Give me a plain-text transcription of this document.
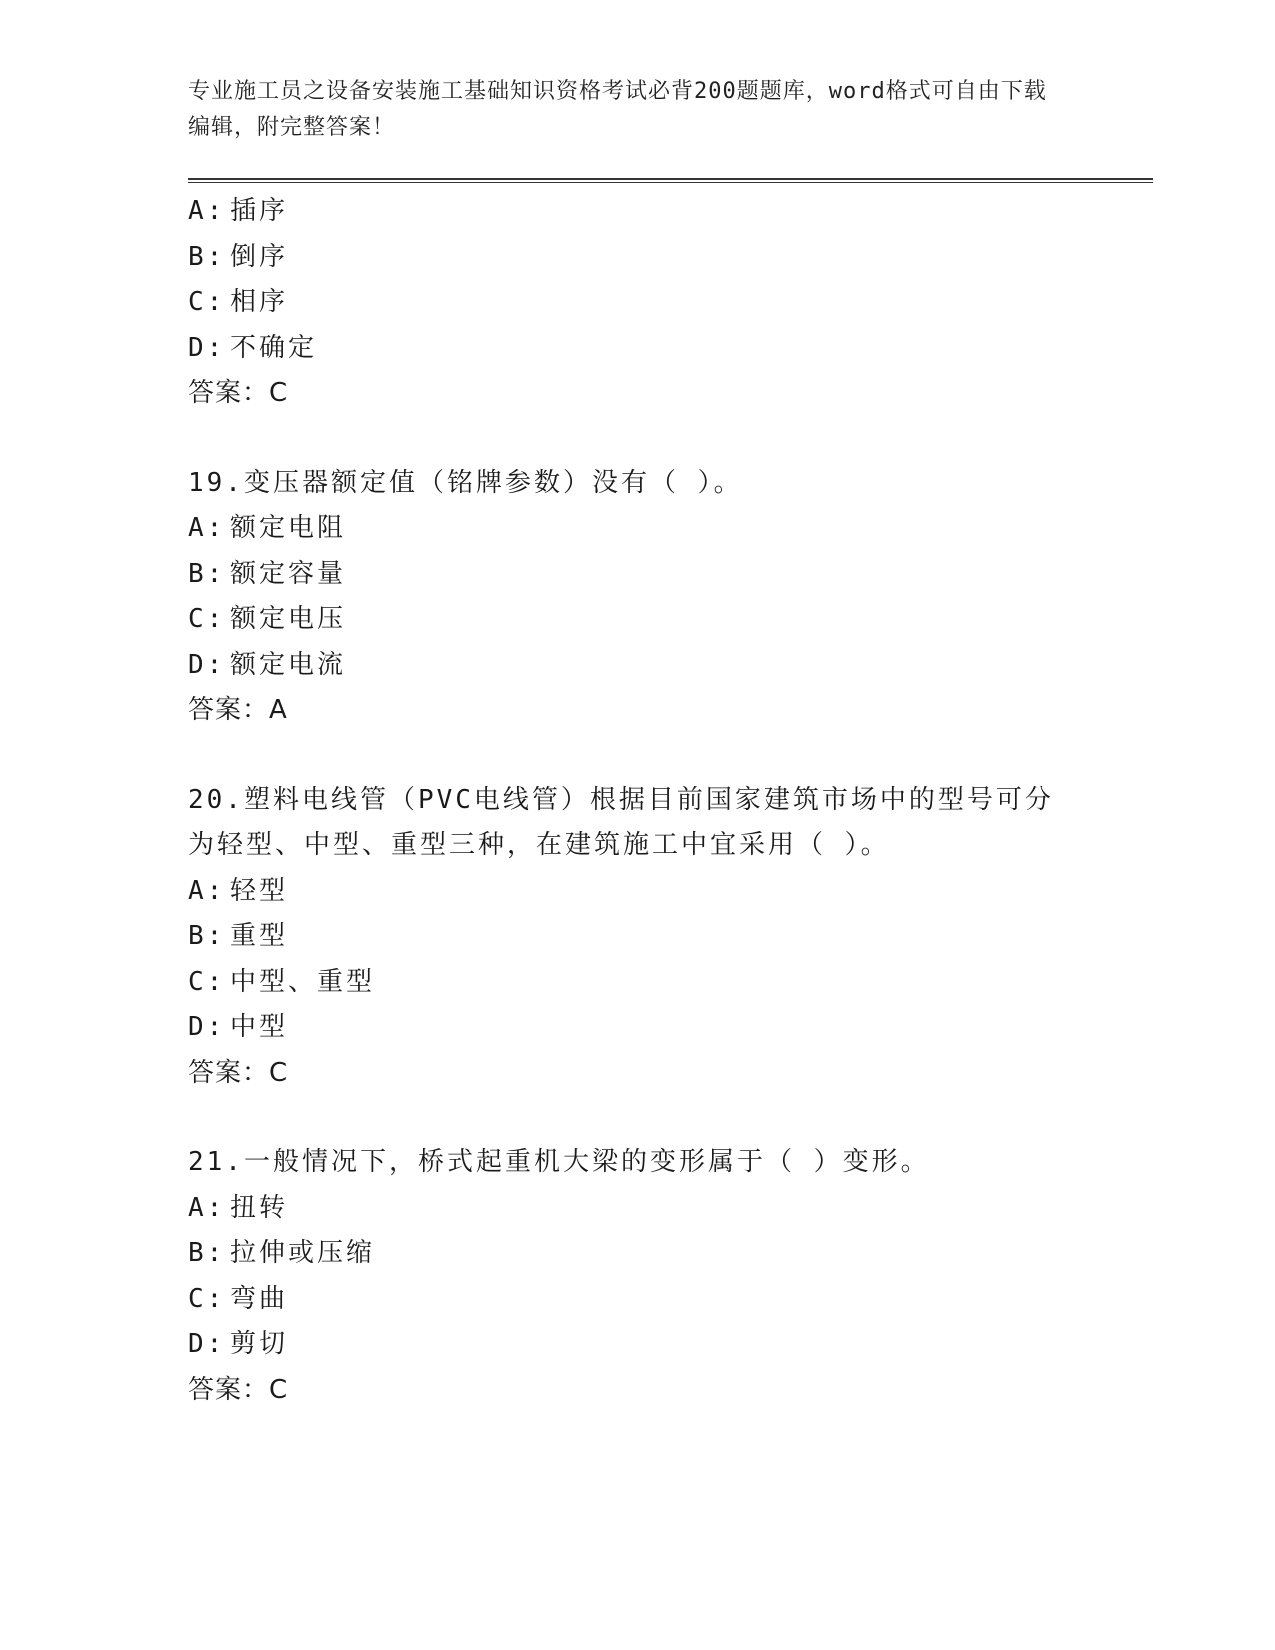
专业施工员之设备安装施工基础知识资格考试必背200题题库，word格式可自由下载编辑，附完整答案！
A: 插序
B: 倒序
C: 相序
D: 不确定
答案：C
19.变压器额定值（铭牌参数）没有（ ）。
A: 额定电阻
B: 额定容量
C: 额定电压
D: 额定电流
答案：A
20.塑料电线管（PVC电线管）根据目前国家建筑市场中的型号可分为轻型、中型、重型三种，在建筑施工中宜采用（ ）。
A: 轻型
B: 重型
C: 中型、重型
D: 中型
答案：C
21.一般情况下，桥式起重机大梁的变形属于（ ）变形。
A: 扭转
B: 拉伸或压缩
C: 弯曲
D: 剪切
答案：C
